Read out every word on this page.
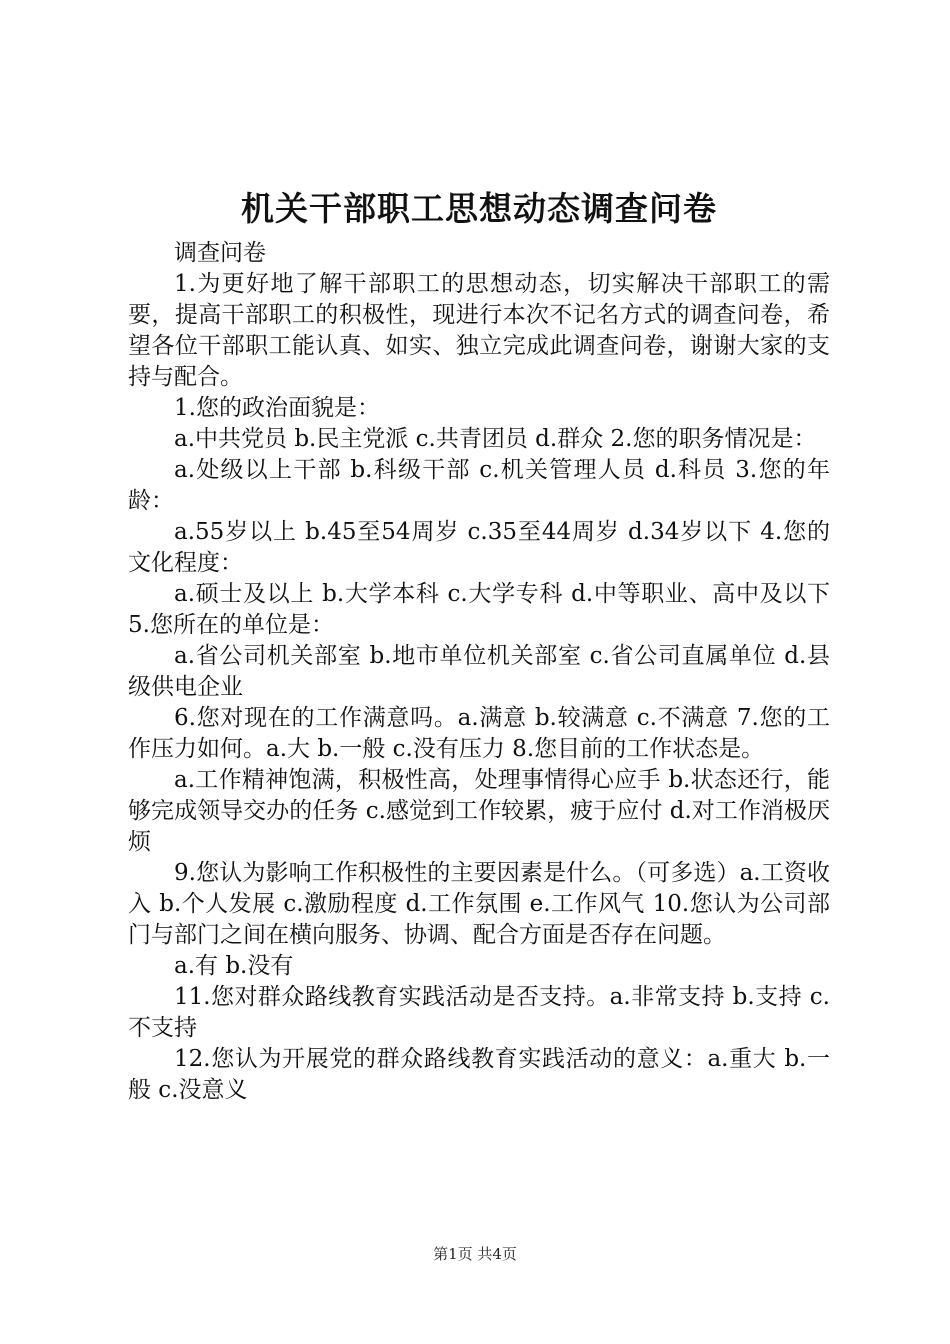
机关干部职工思想动态调查问卷

调查问卷

1.为更好地了解干部职工的思想动态，切实解决干部职工的需要，提高干部职工的积极性，现进行本次不记名方式的调查问卷，希望各位干部职工能认真、如实、独立完成此调查问卷，谢谢大家的支持与配合。

1.您的政治面貌是：

a.中共党员 b.民主党派 c.共青团员 d.群众 2.您的职务情况是：

a.处级以上干部 b.科级干部 c.机关管理人员 d.科员 3.您的年龄：

a.55岁以上 b.45至54周岁 c.35至44周岁 d.34岁以下 4.您的文化程度：

a.硕士及以上 b.大学本科 c.大学专科 d.中等职业、高中及以下 5.您所在的单位是：

a.省公司机关部室 b.地市单位机关部室 c.省公司直属单位 d.县级供电企业

6.您对现在的工作满意吗。a.满意 b.较满意 c.不满意 7.您的工作压力如何。a.大 b.一般 c.没有压力 8.您目前的工作状态是。

a.工作精神饱满，积极性高，处理事情得心应手 b.状态还行，能够完成领导交办的任务 c.感觉到工作较累，疲于应付 d.对工作消极厌烦

9.您认为影响工作积极性的主要因素是什么。（可多选）a.工资收入 b.个人发展 c.激励程度 d.工作氛围 e.工作风气 10.您认为公司部门与部门之间在横向服务、协调、配合方面是否存在问题。

a.有 b.没有

11.您对群众路线教育实践活动是否支持。a.非常支持 b.支持 c.不支持

12.您认为开展党的群众路线教育实践活动的意义：a.重大 b.一般 c.没意义

第1页 共4页
